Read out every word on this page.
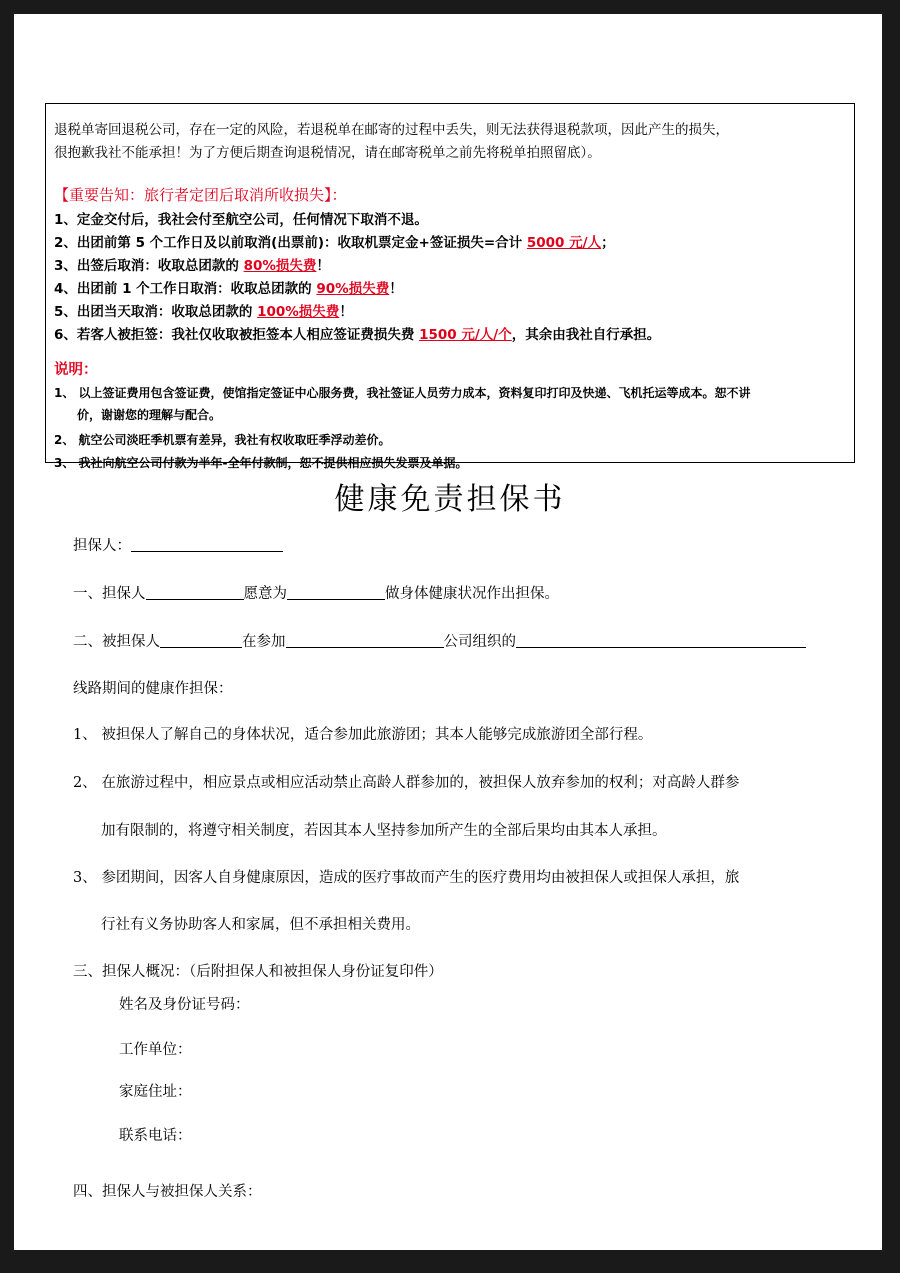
退税单寄回退税公司，存在一定的风险，若退税单在邮寄的过程中丢失，则无法获得退税款项，因此产生的损失，
很抱歉我社不能承担！为了方便后期查询退税情况，请在邮寄税单之前先将税单拍照留底）。
【重要告知：旅行者定团后取消所收损失】：
1、定金交付后，我社会付至航空公司，任何情况下取消不退。
2、出团前第 5 个工作日及以前取消(出票前)：收取机票定金+签证损失=合计 5000 元/人；
3、出签后取消：收取总团款的 80%损失费！
4、出团前 1 个工作日取消：收取总团款的 90%损失费！
5、出团当天取消：收取总团款的 100%损失费！
6、若客人被拒签：我社仅收取被拒签本人相应签证费损失费 1500 元/人/个，其余由我社自行承担。
说明：
1、 以上签证费用包含签证费，使馆指定签证中心服务费，我社签证人员劳力成本，资料复印打印及快递、飞机托运等成本。恕不讲
价，谢谢您的理解与配合。
2、 航空公司淡旺季机票有差异，我社有权收取旺季浮动差价。
3、 我社向航空公司付款为半年-全年付款制，恕不提供相应损失发票及单据。
健康免责担保书
担保人：
一、担保人	愿意为	做身体健康状况作出担保。
二、被担保人	在参加	公司组织的
线路期间的健康作担保：
1、 被担保人了解自己的身体状况，适合参加此旅游团；其本人能够完成旅游团全部行程。
2、 在旅游过程中，相应景点或相应活动禁止高龄人群参加的，被担保人放弃参加的权利；对高龄人群参
加有限制的，将遵守相关制度，若因其本人坚持参加所产生的全部后果均由其本人承担。
3、 参团期间，因客人自身健康原因，造成的医疗事故而产生的医疗费用均由被担保人或担保人承担，旅
行社有义务协助客人和家属，但不承担相关费用。
三、担保人概况：（后附担保人和被担保人身份证复印件）
姓名及身份证号码：
工作单位：
家庭住址：
联系电话：
四、担保人与被担保人关系：
